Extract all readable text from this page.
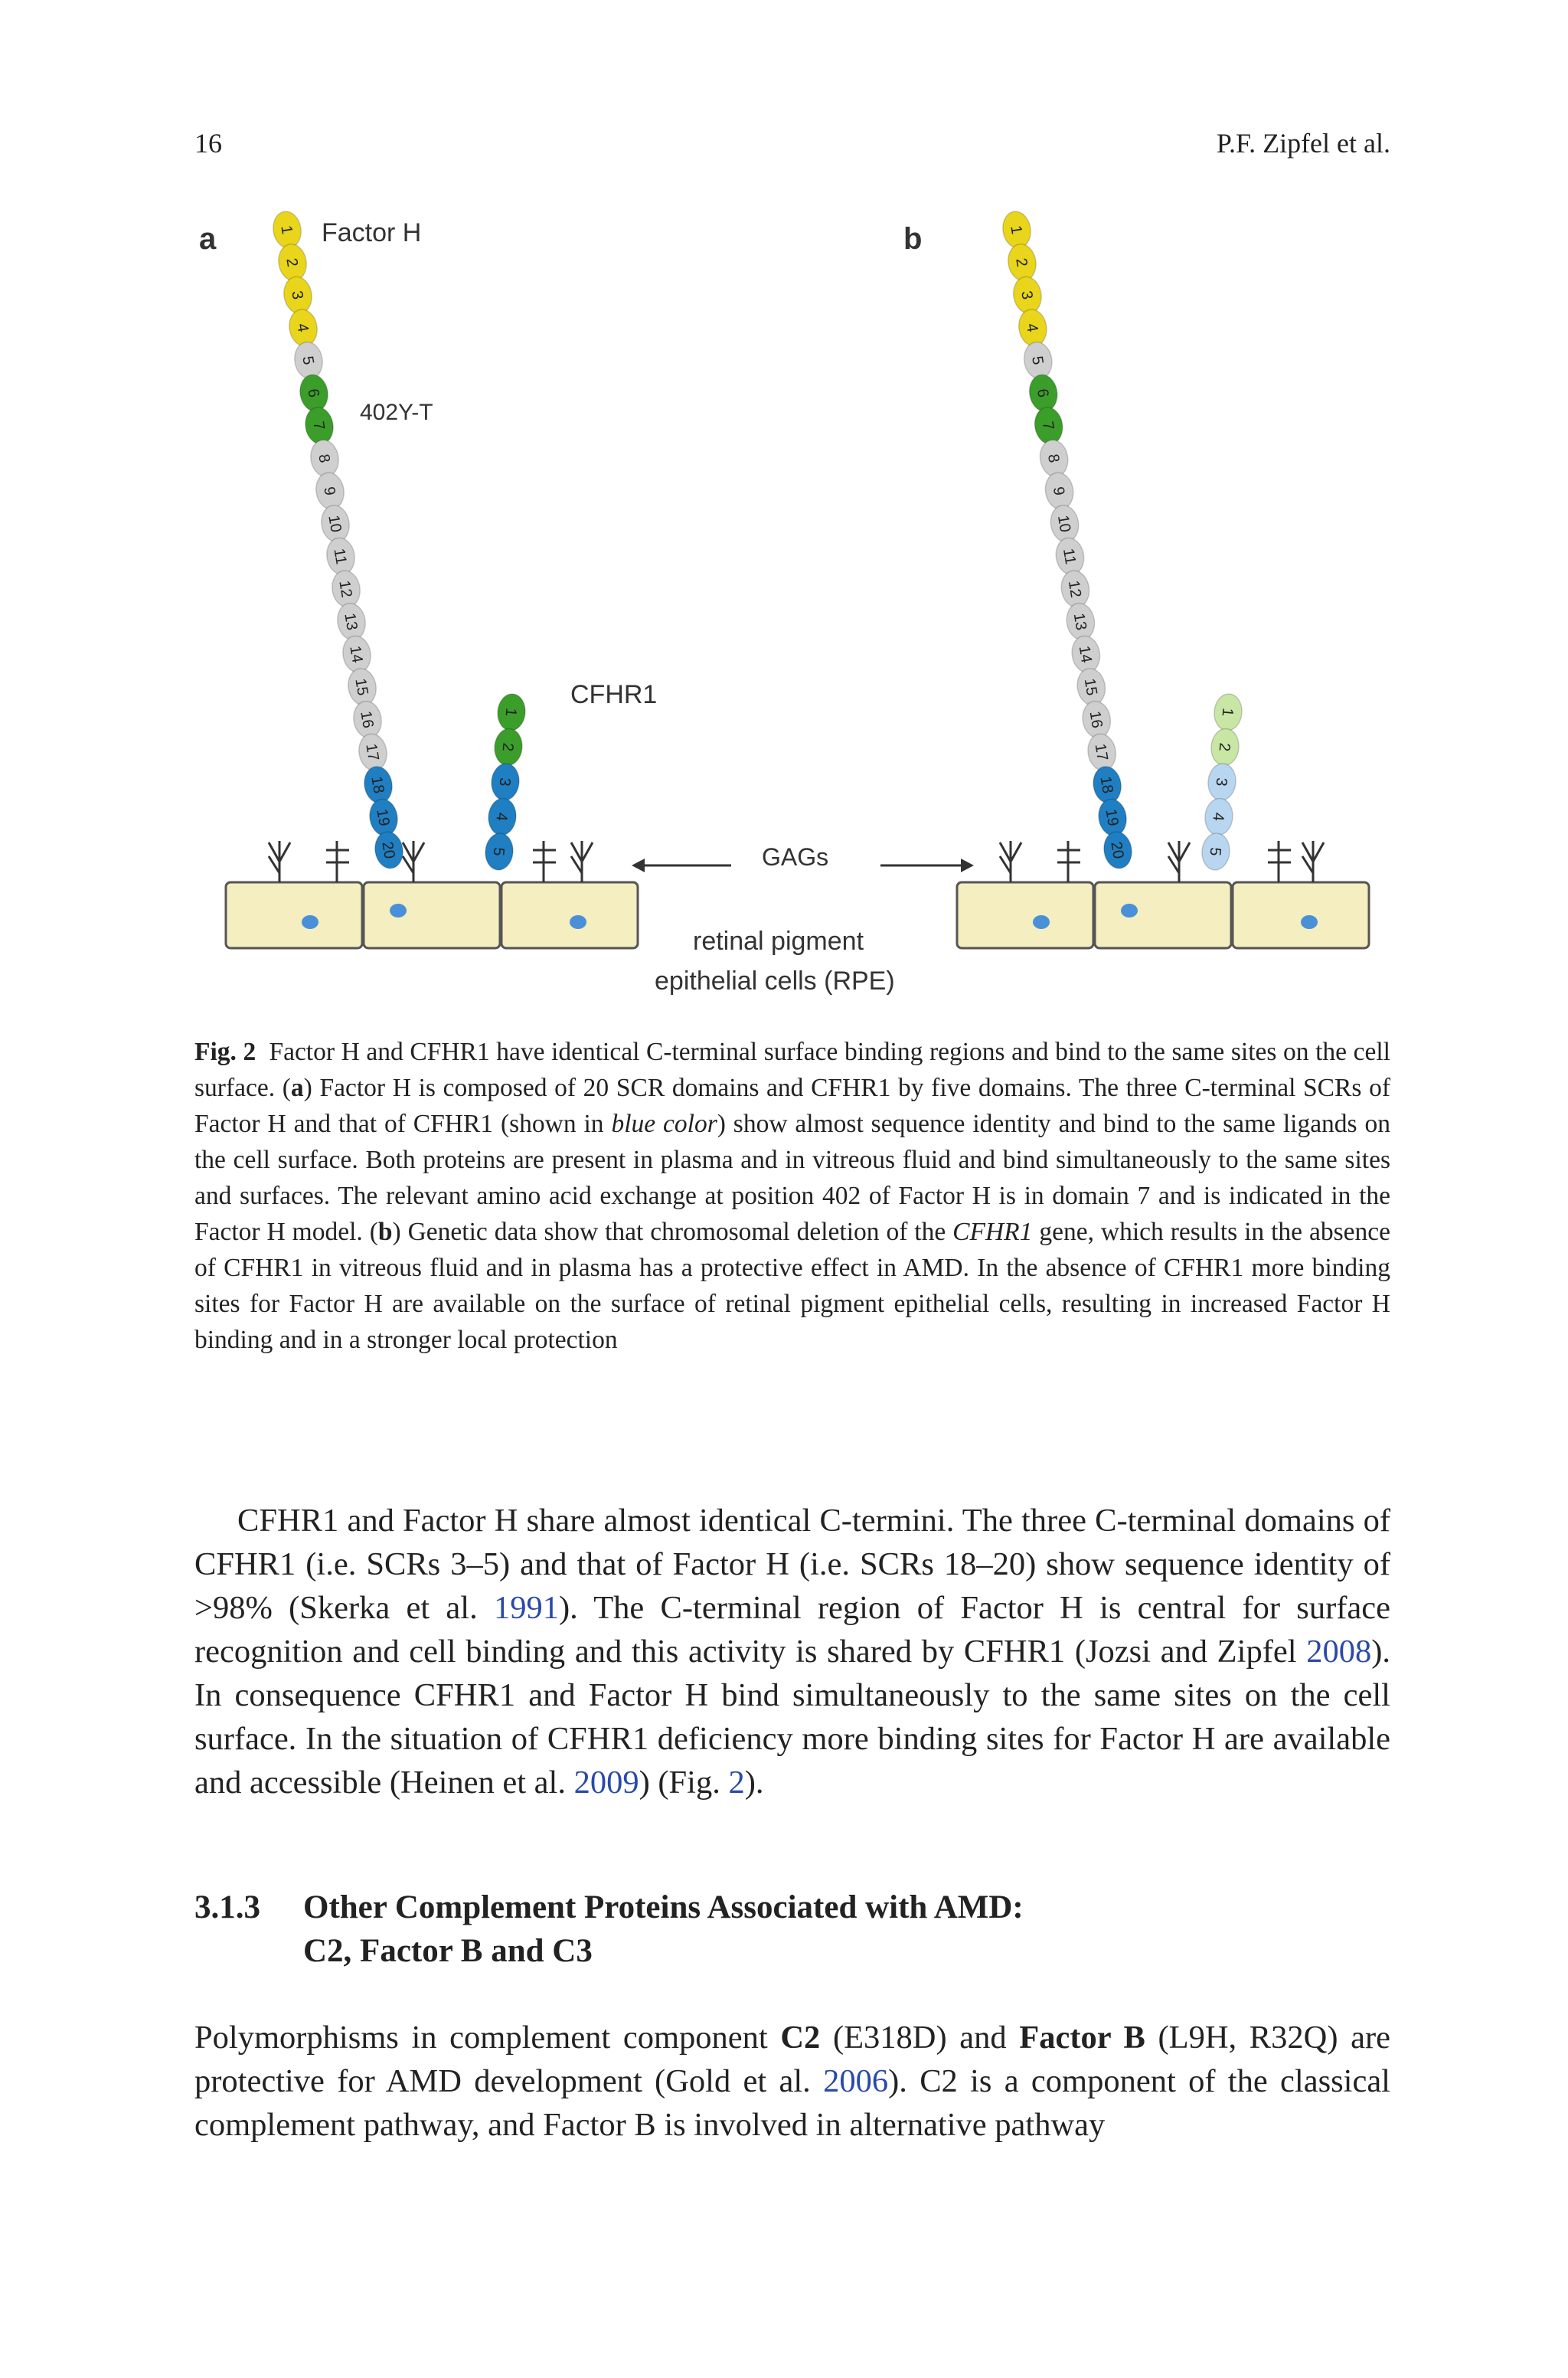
16	P.F. Zipfel et al.
1
2
3
4
5
6
7
8
9
10
11
12
13
14
15
16
17
18
19
20
1
2
3
4
5
1
2
3
4
5
6
7
8
9
10
11
12
13
14
15
16
17
18
19
20
1
2
3
4
5
a	b
Factor H
402Y-T
CFHR1
GAGs
retinal pigment
epithelial cells (RPE)
Fig. 2 Factor H and CFHR1 have identical C-terminal surface binding regions and bind to the same sites on the cell surface. (a) Factor H is composed of 20 SCR domains and CFHR1 by five domains. The three C-terminal SCRs of Factor H and that of CFHR1 (shown in blue color) show almost sequence identity and bind to the same ligands on the cell surface. Both proteins are present in plasma and in vitreous fluid and bind simultaneously to the same sites and surfaces. The relevant amino acid exchange at position 402 of Factor H is in domain 7 and is indicated in the Factor H model. (b) Genetic data show that chromosomal deletion of the CFHR1 gene, which results in the absence of CFHR1 in vitreous fluid and in plasma has a protective effect in AMD. In the absence of CFHR1 more binding sites for Factor H are available on the surface of retinal pigment epithelial cells, resulting in increased Factor H binding and in a stronger local protection
CFHR1 and Factor H share almost identical C-termini. The three C-terminal domains of CFHR1 (i.e. SCRs 3–5) and that of Factor H (i.e. SCRs 18–20) show sequence identity of >98% (Skerka et al. 1991). The C-terminal region of Factor H is central for surface recognition and cell binding and this activity is shared by CFHR1 (Jozsi and Zipfel 2008). In consequence CFHR1 and Factor H bind simultaneously to the same sites on the cell surface. In the situation of CFHR1 deficiency more binding sites for Factor H are available and accessible (Heinen et al. 2009) (Fig. 2).
3.1.3 Other Complement Proteins Associated with AMD:
C2, Factor B and C3
Polymorphisms in complement component C2 (E318D) and Factor B (L9H, R32Q) are protective for AMD development (Gold et al. 2006). C2 is a component of the classical complement pathway, and Factor B is involved in alternative pathway
